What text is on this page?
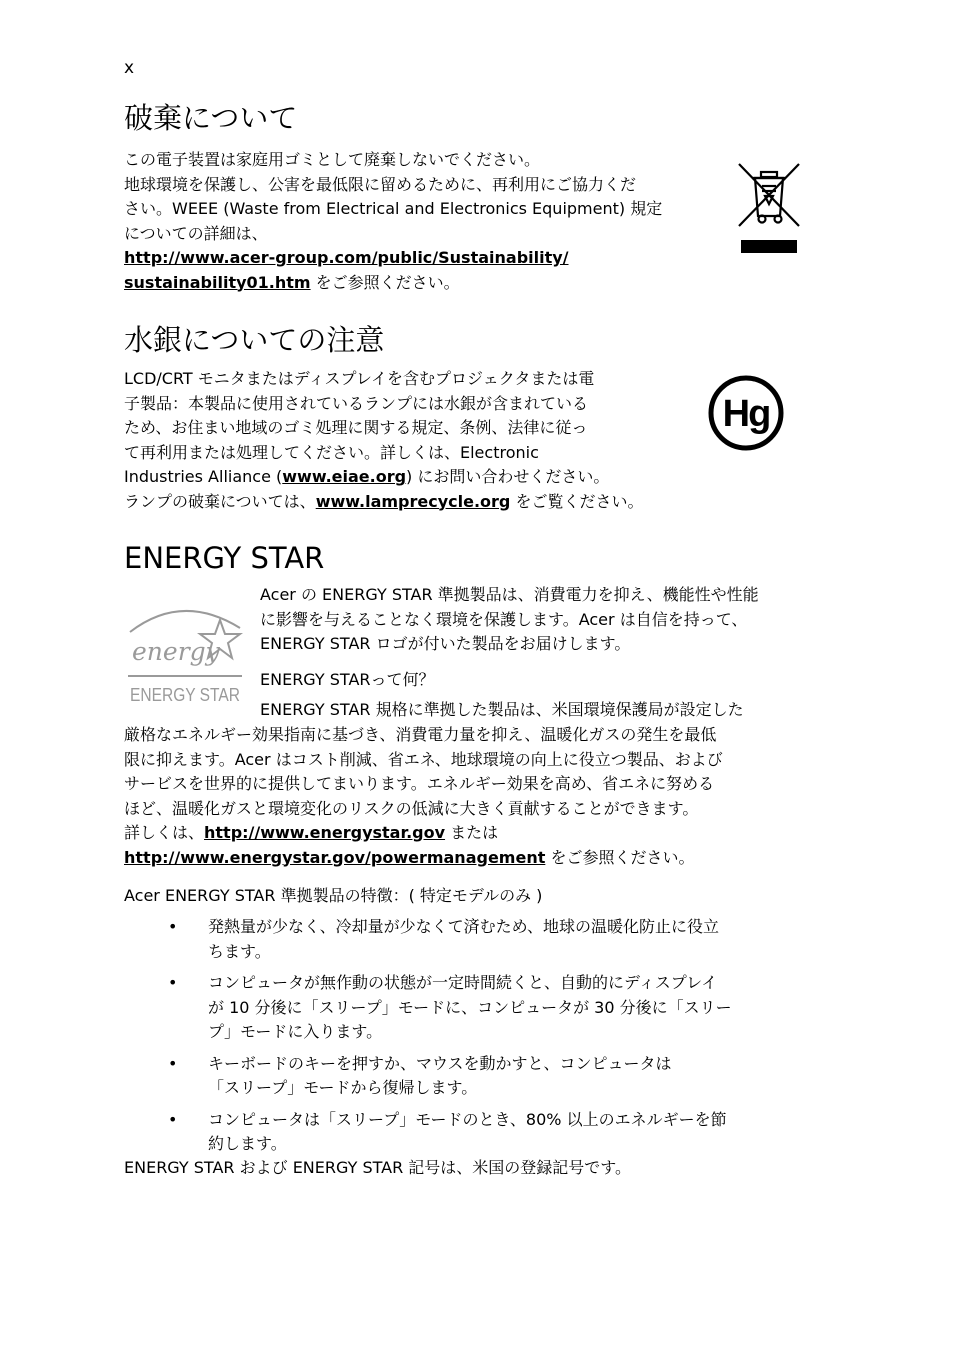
x
破棄について

この電子装置は家庭用ゴミとして廃棄しないでください。

地球環境を保護し、公害を最低限に留めるために、再利用にご協力くだ

さい。WEEE (Waste from Electrical and Electronics Equipment) 規定

についての詳細は、

http://www.acer-group.com/public/Sustainability/

sustainability01.htm をご参照ください。

水銀についての注意

LCD/CRT モニタまたはディスプレイを含むプロジェクタまたは電

子製品：本製品に使用されているランプには水銀が含まれている

ため、お住まい地域のゴミ処理に関する規定、条例、法律に従っ

て再利用または処理してください。詳しくは、Electronic

Industries Alliance (www.eiae.org) にお問い合わせください。

ランプの破棄については、www.lamprecycle.org をご覧ください。

Hg
ENERGY STAR
energy
ENERGY STAR

Acer の ENERGY STAR 準拠製品は、消費電力を抑え、機能性や性能

に影響を与えることなく環境を保護します。Acer は自信を持って、

ENERGY STAR ロゴが付いた製品をお届けします。

ENERGY STARって何？

ENERGY STAR 規格に準拠した製品は、米国環境保護局が設定した

厳格なエネルギー効果指南に基づき、消費電力量を抑え、温暖化ガスの発生を最低

限に抑えます。Acer はコスト削減、省エネ、地球環境の向上に役立つ製品、および

サービスを世界的に提供してまいります。エネルギー効果を高め、省エネに努める

ほど、温暖化ガスと環境変化のリスクの低減に大きく貢献することができます。

詳しくは、http://www.energystar.gov または

http://www.energystar.gov/powermanagement をご参照ください。

Acer ENERGY STAR 準拠製品の特徴：( 特定モデルのみ )

• 発熱量が少なく、冷却量が少なくて済むため、地球の温暖化防止に役立
ちます。
• コンピュータが無作動の状態が一定時間続くと、自動的にディスプレイ
が 10 分後に「スリープ」モードに、コンピュータが 30 分後に「スリー
プ」モードに入ります。
• キーボードのキーを押すか、マウスを動かすと、コンピュータは
「スリープ」モードから復帰します。
• コンピュータは「スリープ」モードのとき、80% 以上のエネルギーを節
約します。

ENERGY STAR および ENERGY STAR 記号は、米国の登録記号です。
